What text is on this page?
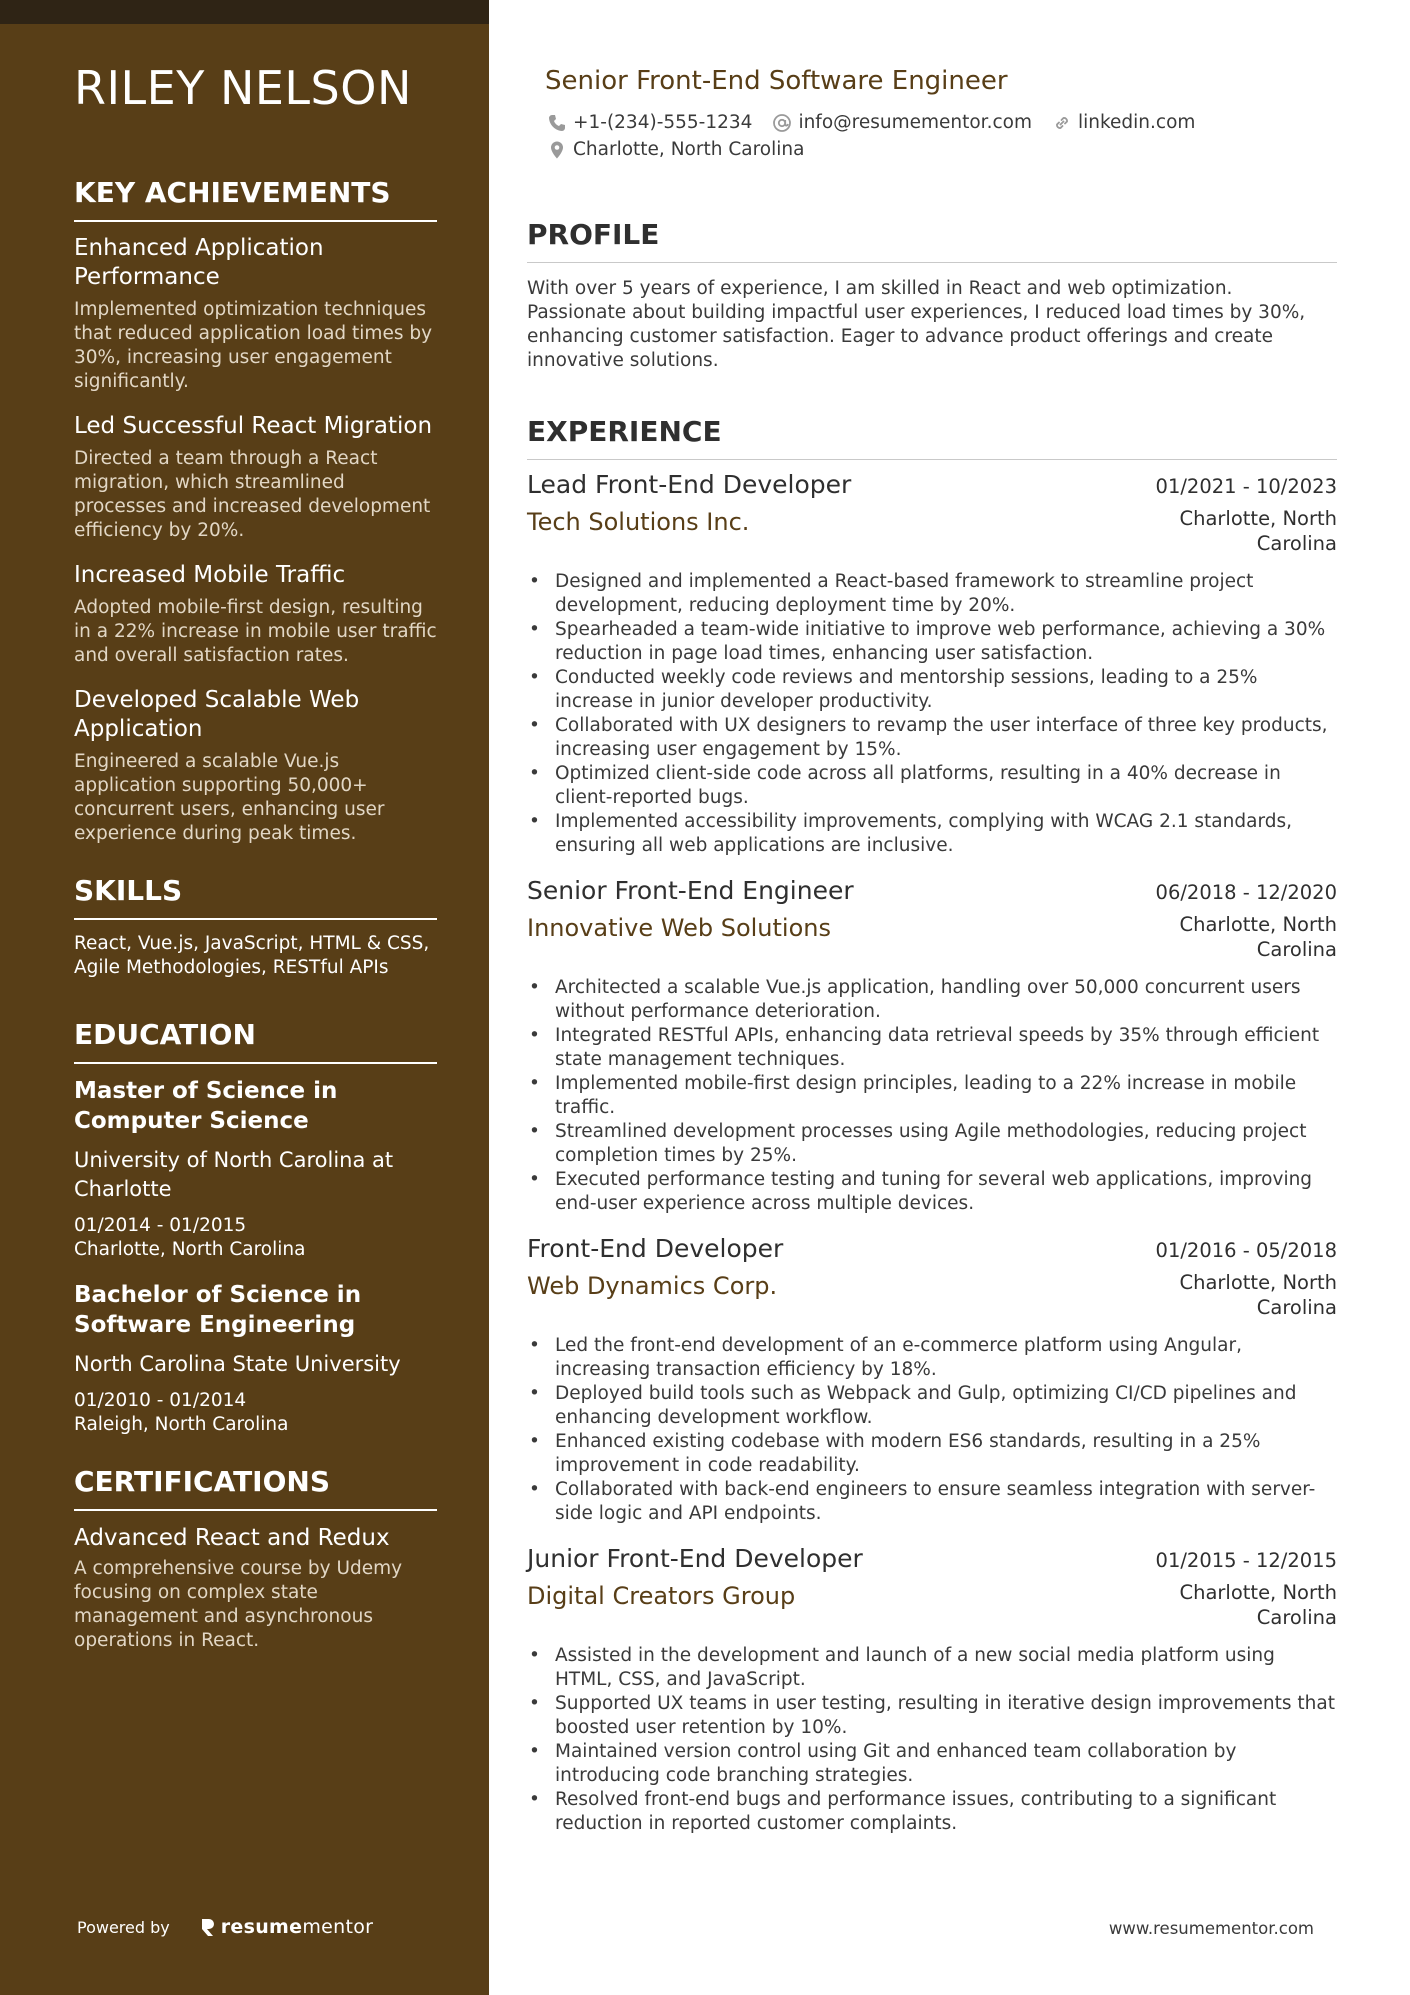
RILEY NELSON
KEY ACHIEVEMENTS
Enhanced Application Performance
Implemented optimization techniques that reduced application load times by 30%, increasing user engagement significantly.
Led Successful React Migration
Directed a team through a React migration, which streamlined processes and increased development efficiency by 20%.
Increased Mobile Traffic
Adopted mobile-first design, resulting in a 22% increase in mobile user traffic and overall satisfaction rates.
Developed Scalable Web Application
Engineered a scalable Vue.js application supporting 50,000+ concurrent users, enhancing user experience during peak times.
SKILLS
React, Vue.js, JavaScript, HTML & CSS, Agile Methodologies, RESTful APIs
EDUCATION
Master of Science in Computer Science
University of North Carolina at Charlotte
01/2014 - 01/2015
Charlotte, North Carolina
Bachelor of Science in Software Engineering
North Carolina State University
01/2010 - 01/2014
Raleigh, North Carolina
CERTIFICATIONS
Advanced React and Redux
A comprehensive course by Udemy focusing on complex state management and asynchronous operations in React.
Powered by	resume mentor
Senior Front-End Software Engineer
+1-(234)-555-1234 info@resumementor.com linkedin.com
Charlotte, North Carolina
PROFILE

With over 5 years of experience, I am skilled in React and web optimization. Passionate about building impactful user experiences, I reduced load times by 30%, enhancing customer satisfaction. Eager to advance product offerings and create innovative solutions.

EXPERIENCE
Lead Front-End Developer	01/2021 - 10/2023
Tech Solutions Inc.	Charlotte, North Carolina
• Designed and implemented a React-based framework to streamline project development, reducing deployment time by 20%.
• Spearheaded a team-wide initiative to improve web performance, achieving a 30% reduction in page load times, enhancing user satisfaction.
• Conducted weekly code reviews and mentorship sessions, leading to a 25% increase in junior developer productivity.
• Collaborated with UX designers to revamp the user interface of three key products, increasing user engagement by 15%.
• Optimized client-side code across all platforms, resulting in a 40% decrease in client-reported bugs.
• Implemented accessibility improvements, complying with WCAG 2.1 standards, ensuring all web applications are inclusive.
Senior Front-End Engineer	06/2018 - 12/2020
Innovative Web Solutions	Charlotte, North Carolina
• Architected a scalable Vue.js application, handling over 50,000 concurrent users without performance deterioration.
• Integrated RESTful APIs, enhancing data retrieval speeds by 35% through efficient state management techniques.
• Implemented mobile-first design principles, leading to a 22% increase in mobile traffic.
• Streamlined development processes using Agile methodologies, reducing project completion times by 25%.
• Executed performance testing and tuning for several web applications, improving end-user experience across multiple devices.
Front-End Developer	01/2016 - 05/2018
Web Dynamics Corp.	Charlotte, North Carolina
• Led the front-end development of an e-commerce platform using Angular, increasing transaction efficiency by 18%.
• Deployed build tools such as Webpack and Gulp, optimizing CI/CD pipelines and enhancing development workflow.
• Enhanced existing codebase with modern ES6 standards, resulting in a 25% improvement in code readability.
• Collaborated with back-end engineers to ensure seamless integration with server-side logic and API endpoints.
Junior Front-End Developer	01/2015 - 12/2015
Digital Creators Group	Charlotte, North Carolina
• Assisted in the development and launch of a new social media platform using HTML, CSS, and JavaScript.
• Supported UX teams in user testing, resulting in iterative design improvements that boosted user retention by 10%.
• Maintained version control using Git and enhanced team collaboration by introducing code branching strategies.
• Resolved front-end bugs and performance issues, contributing to a significant reduction in reported customer complaints.
www.resumementor.com
